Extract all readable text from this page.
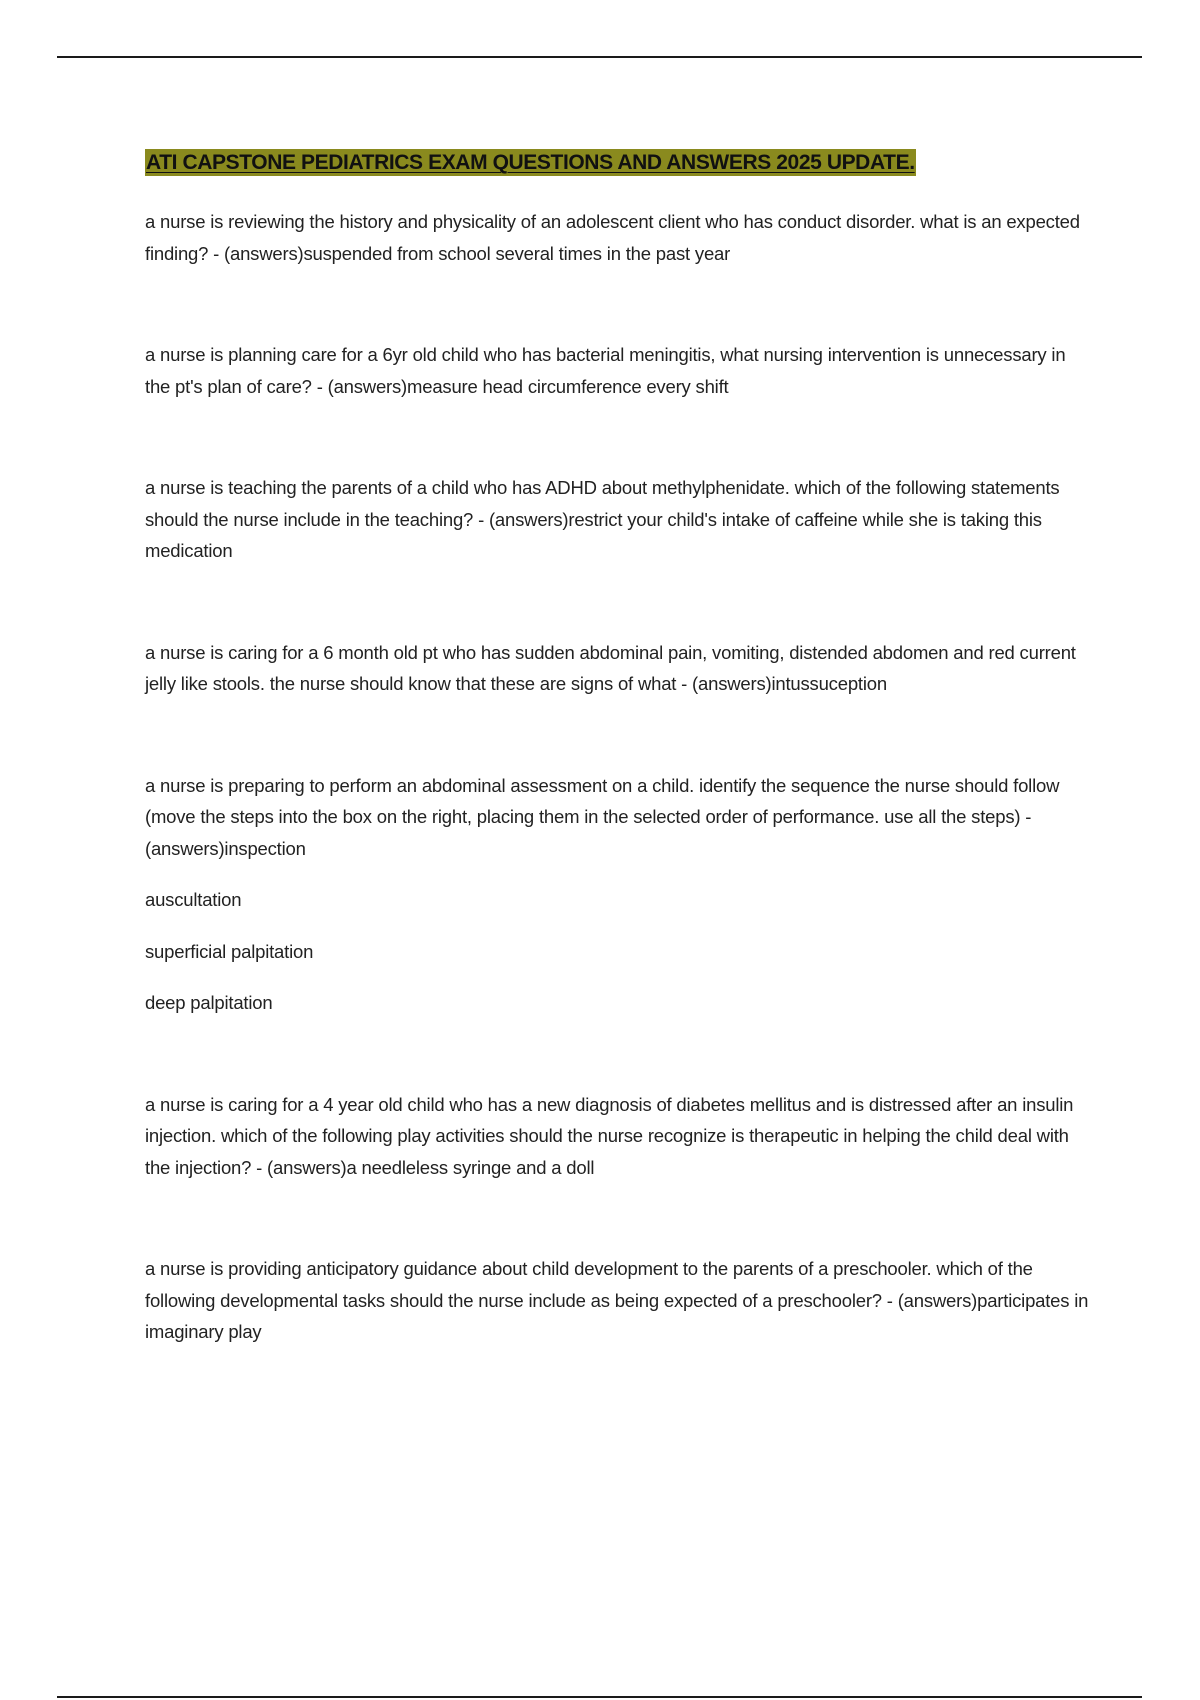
ATI CAPSTONE PEDIATRICS EXAM QUESTIONS AND ANSWERS 2025 UPDATE.

a nurse is reviewing the history and physicality of an adolescent client who has conduct disorder. what is an expected finding? - (answers)suspended from school several times in the past year

a nurse is planning care for a 6yr old child who has bacterial meningitis, what nursing intervention is unnecessary in the pt's plan of care? - (answers)measure head circumference every shift

a nurse is teaching the parents of a child who has ADHD about methylphenidate. which of the following statements should the nurse include in the teaching? - (answers)restrict your child's intake of caffeine while she is taking this medication

a nurse is caring for a 6 month old pt who has sudden abdominal pain, vomiting, distended abdomen and red current jelly like stools. the nurse should know that these are signs of what - (answers)intussuception

a nurse is preparing to perform an abdominal assessment on a child. identify the sequence the nurse should follow (move the steps into the box on the right, placing them in the selected order of performance. use all the steps) - (answers)inspection

auscultation

superficial palpitation

deep palpitation

a nurse is caring for a 4 year old child who has a new diagnosis of diabetes mellitus and is distressed after an insulin injection. which of the following play activities should the nurse recognize is therapeutic in helping the child deal with the injection? - (answers)a needleless syringe and a doll

a nurse is providing anticipatory guidance about child development to the parents of a preschooler. which of the following developmental tasks should the nurse include as being expected of a preschooler? - (answers)participates in imaginary play
